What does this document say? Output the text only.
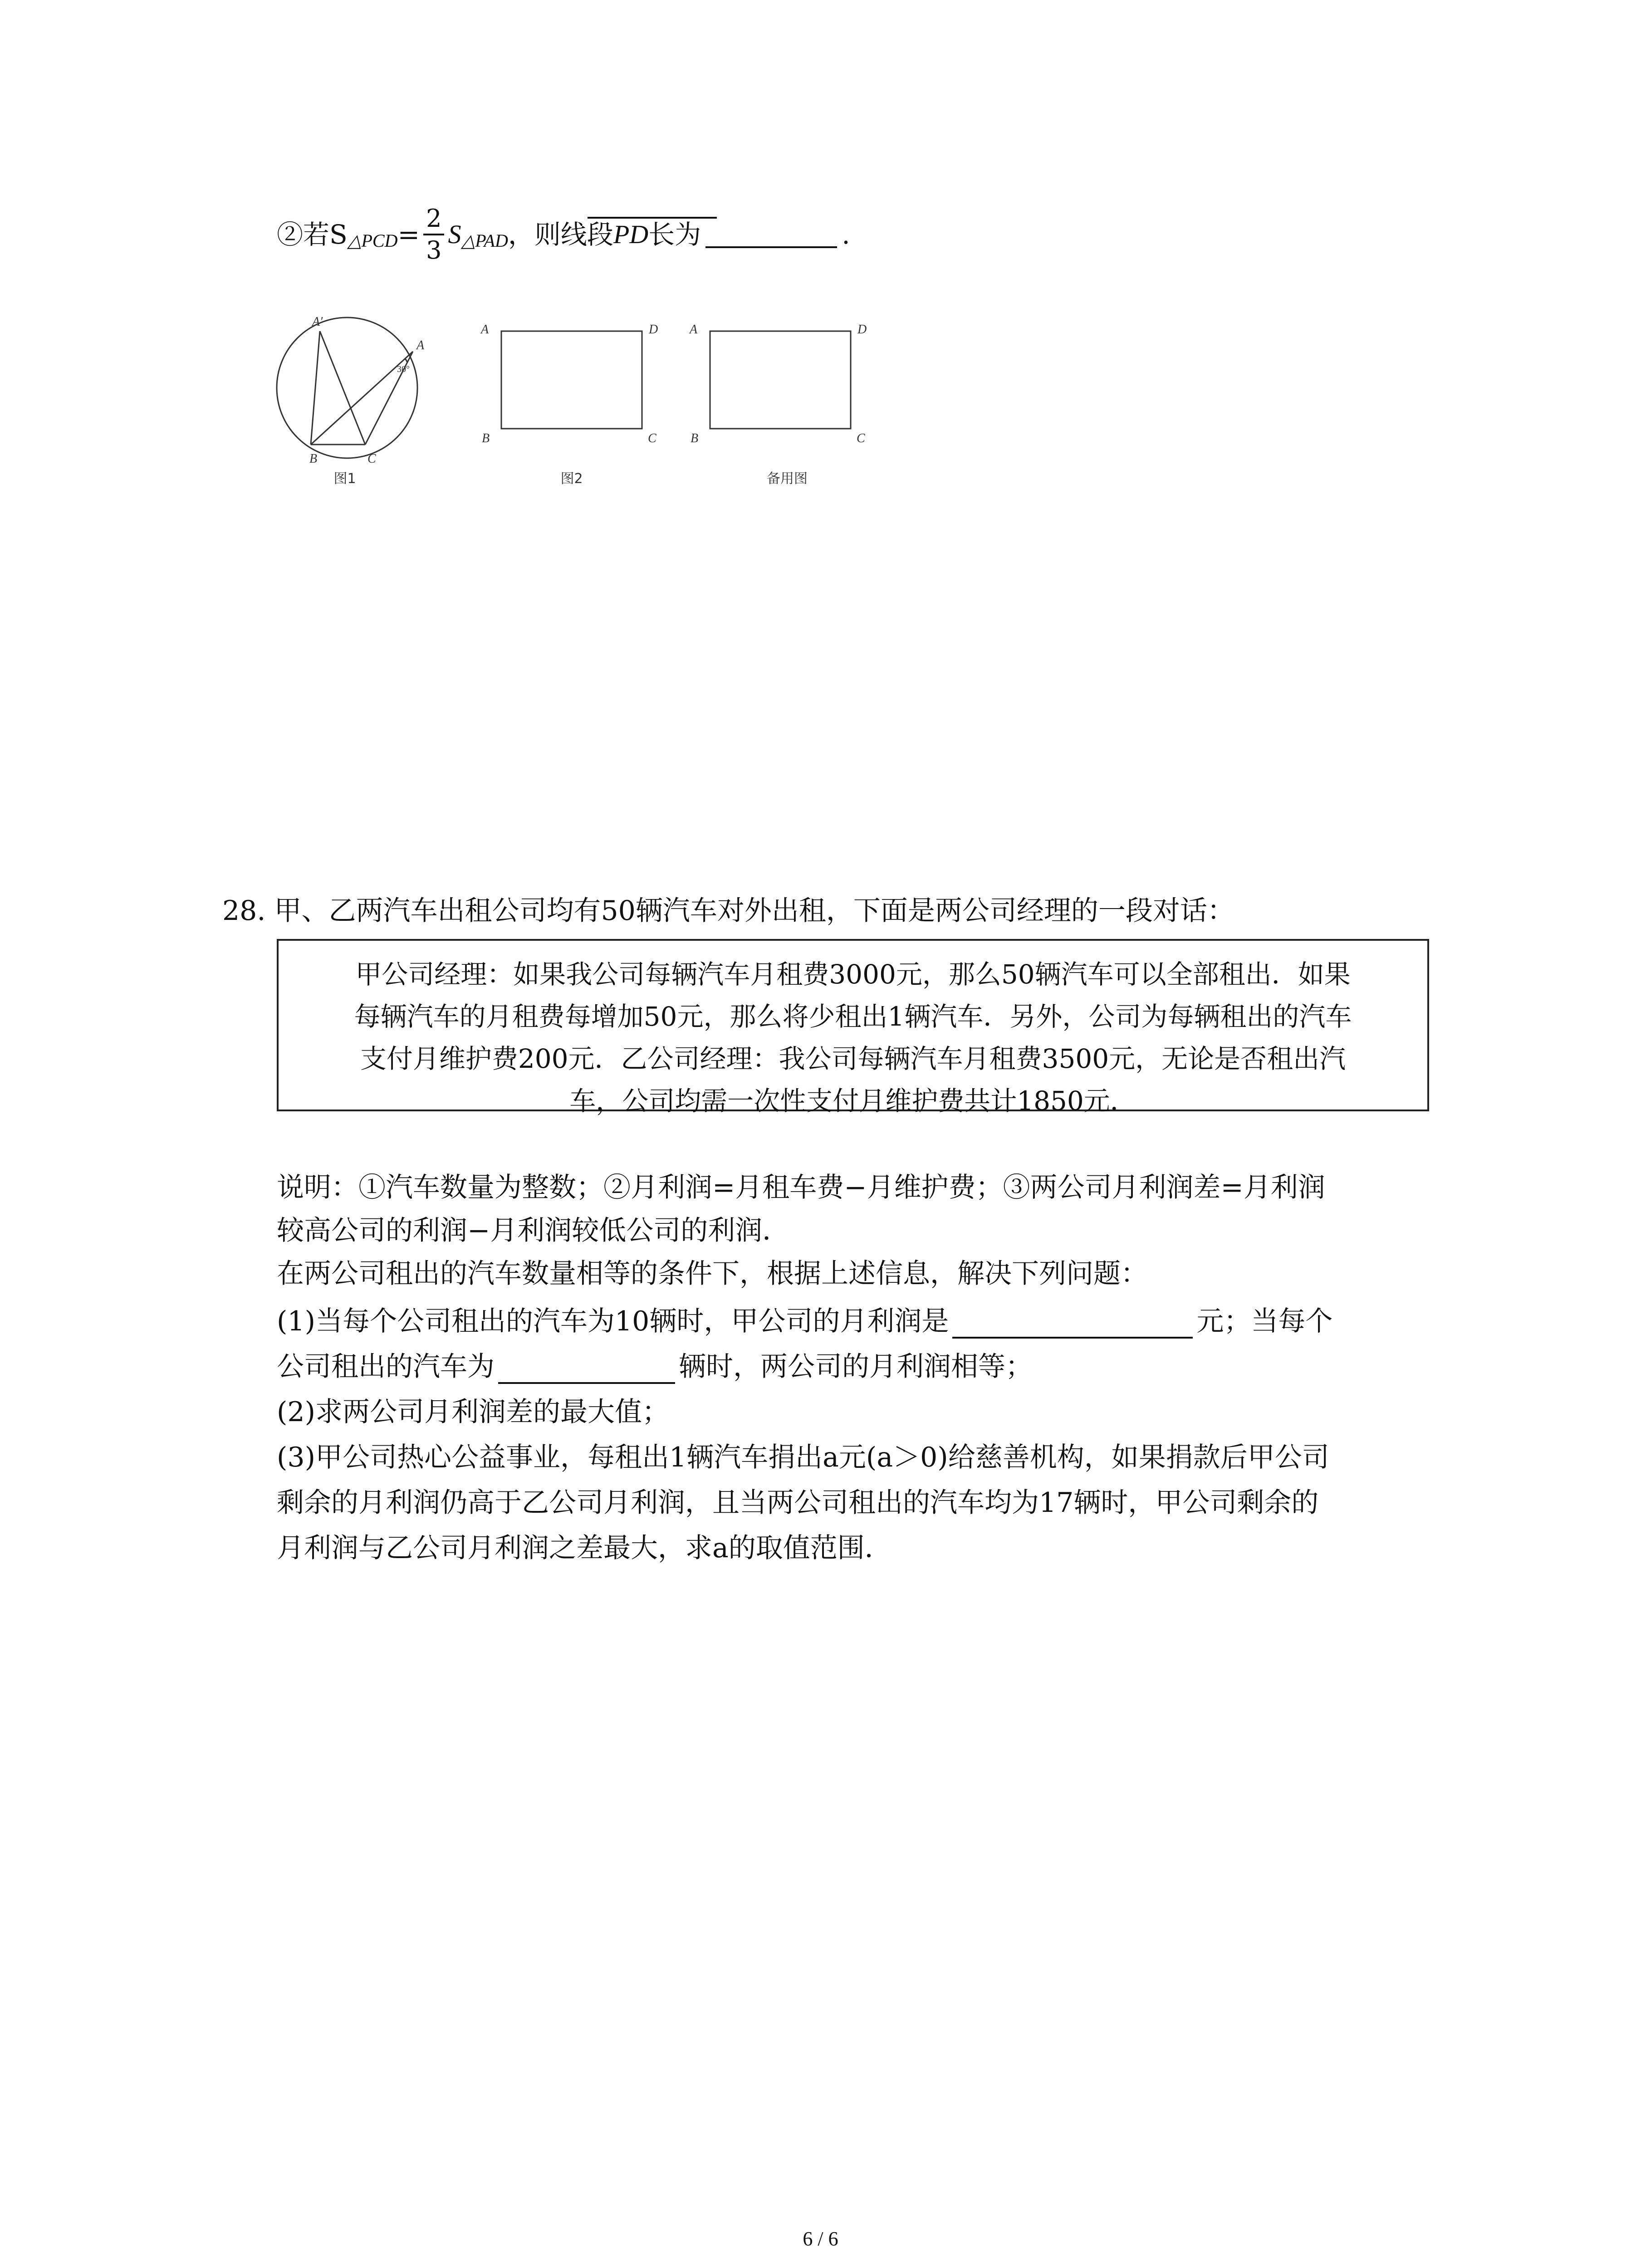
②若S △PCD = $\frac{2}{3}$ S △PAD ，则线段 PD 长为	.
A′
A
B	C
30°
图1
A	D
B	C
图2
A	D
B	C
备用图
28. 甲、乙两汽车出租公司均有50辆汽车对外出租，下面是两公司经理的一段对话：
甲公司经理：如果我公司每辆汽车月租费3000元，那么50辆汽车可以全部租出．如果
每辆汽车的月租费每增加50元，那么将少租出1辆汽车．另外，公司为每辆租出的汽车
支付月维护费200元．乙公司经理：我公司每辆汽车月租费3500元，无论是否租出汽
车，公司均需一次性支付月维护费共计1850元．
说明：①汽车数量为整数；②月利润=月租车费−月维护费；③两公司月利润差=月利润
较高公司的利润−月利润较低公司的利润．
在两公司租出的汽车数量相等的条件下，根据上述信息，解决下列问题：
(1)当每个公司租出的汽车为10辆时，甲公司的月利润是	元；当每个
公司租出的汽车为	辆时，两公司的月利润相等；
(2)求两公司月利润差的最大值；
(3)甲公司热心公益事业，每租出1辆汽车捐出a元(a＞0)给慈善机构，如果捐款后甲公司
剩余的月利润仍高于乙公司月利润，且当两公司租出的汽车均为17辆时，甲公司剩余的
月利润与乙公司月利润之差最大，求a的取值范围．
6 / 6
